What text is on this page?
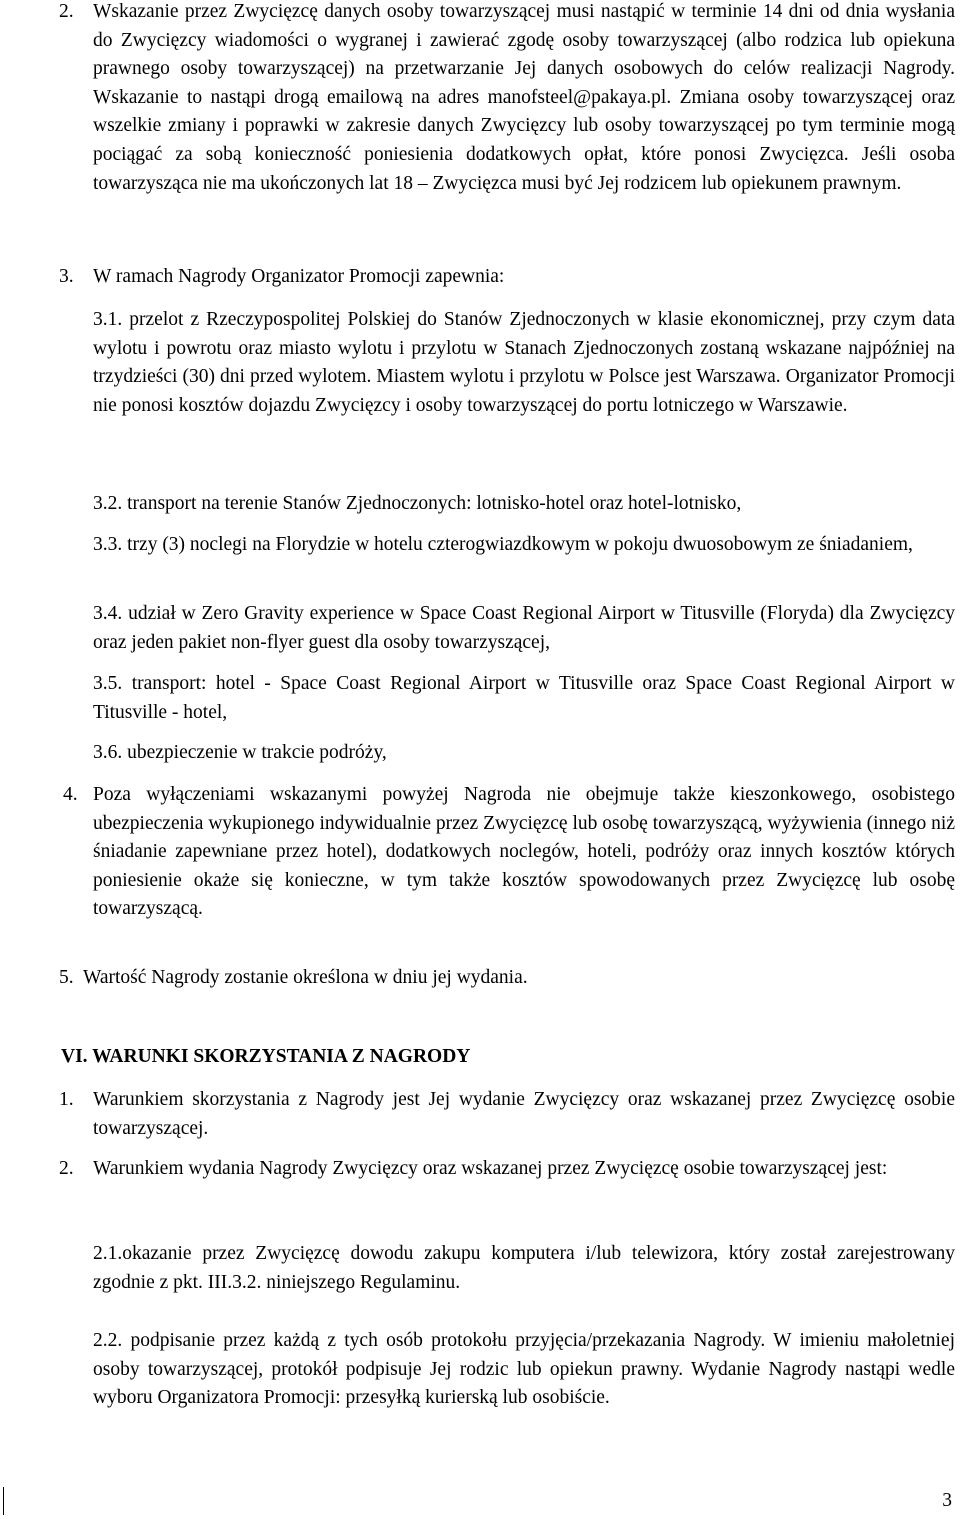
2. Wskazanie przez Zwycięzcę danych osoby towarzyszącej musi nastąpić w terminie 14 dni od dnia wysłania do Zwycięzcy wiadomości o wygranej i zawierać zgodę osoby towarzyszącej (albo rodzica lub opiekuna prawnego osoby towarzyszącej) na przetwarzanie Jej danych osobowych do celów realizacji Nagrody. Wskazanie to nastąpi drogą emailową na adres manofsteel@pakaya.pl. Zmiana osoby towarzyszącej oraz wszelkie zmiany i poprawki w zakresie danych Zwycięzcy lub osoby towarzyszącej po tym terminie mogą pociągać za sobą konieczność poniesienia dodatkowych opłat, które ponosi Zwycięzca. Jeśli osoba towarzysząca nie ma ukończonych lat 18 – Zwycięzca musi być Jej rodzicem lub opiekunem prawnym.

3. W ramach Nagrody Organizator Promocji zapewnia:

3.1. przelot z Rzeczypospolitej Polskiej do Stanów Zjednoczonych w klasie ekonomicznej, przy czym data wylotu i powrotu oraz miasto wylotu i przylotu w Stanach Zjednoczonych zostaną wskazane najpóźniej na trzydzieści (30) dni przed wylotem. Miastem wylotu i przylotu w Polsce jest Warszawa. Organizator Promocji nie ponosi kosztów dojazdu Zwycięzcy i osoby towarzyszącej do portu lotniczego w Warszawie.

3.2. transport na terenie Stanów Zjednoczonych: lotnisko-hotel oraz hotel-lotnisko,

3.3. trzy (3) noclegi na Florydzie w hotelu czterogwiazdkowym w pokoju dwuosobowym ze śniadaniem,

3.4. udział w Zero Gravity experience w Space Coast Regional Airport w Titusville (Floryda) dla Zwycięzcy oraz jeden pakiet non-flyer guest dla osoby towarzyszącej,

3.5. transport: hotel - Space Coast Regional Airport w Titusville oraz Space Coast Regional Airport w Titusville - hotel,

3.6. ubezpieczenie w trakcie podróży,

4. Poza wyłączeniami wskazanymi powyżej Nagroda nie obejmuje także kieszonkowego, osobistego ubezpieczenia wykupionego indywidualnie przez Zwycięzcę lub osobę towarzyszącą, wyżywienia (innego niż śniadanie zapewniane przez hotel), dodatkowych noclegów, hoteli, podróży oraz innych kosztów których poniesienie okaże się konieczne, w tym także kosztów spowodowanych przez Zwycięzcę lub osobę towarzyszącą.

5. Wartość Nagrody zostanie określona w dniu jej wydania.

VI. WARUNKI SKORZYSTANIA Z NAGRODY
1. Warunkiem skorzystania z Nagrody jest Jej wydanie Zwycięzcy oraz wskazanej przez Zwycięzcę osobie towarzyszącej.

2. Warunkiem wydania Nagrody Zwycięzcy oraz wskazanej przez Zwycięzcę osobie towarzyszącej jest:

2.1.okazanie przez Zwycięzcę dowodu zakupu komputera i/lub telewizora, który został zarejestrowany zgodnie z pkt. III.3.2. niniejszego Regulaminu.

2.2. podpisanie przez każdą z tych osób protokołu przyjęcia/przekazania Nagrody. W imieniu małoletniej osoby towarzyszącej, protokół podpisuje Jej rodzic lub opiekun prawny. Wydanie Nagrody nastąpi wedle wyboru Organizatora Promocji: przesyłką kurierską lub osobiście.

3
